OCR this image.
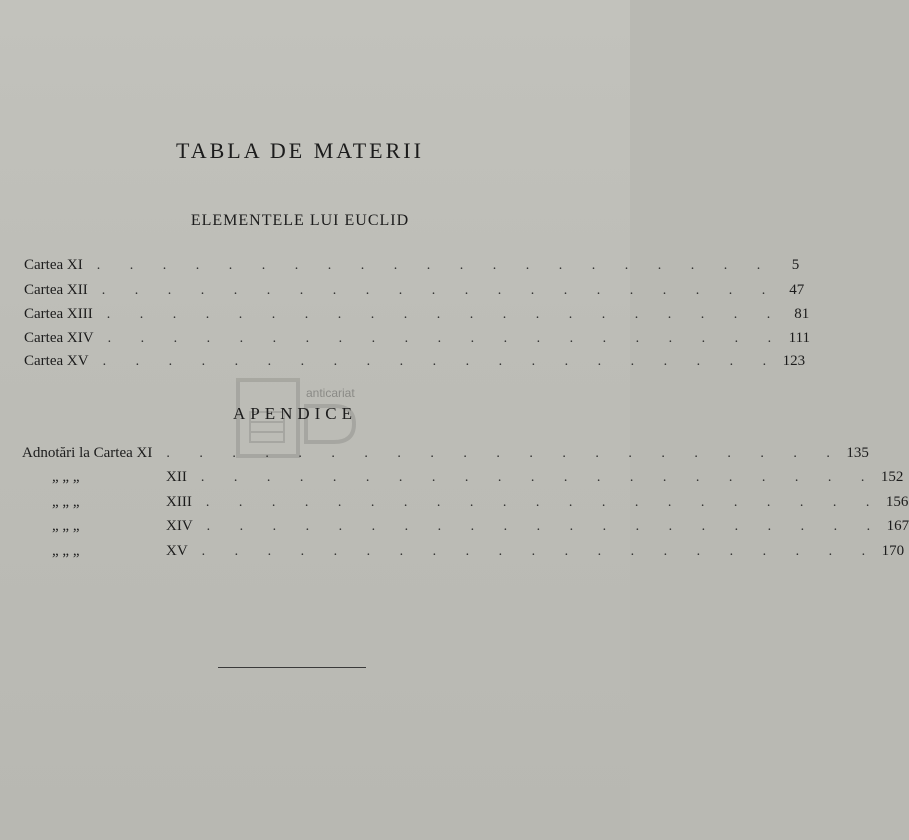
TABLA DE MATERII
ELEMENTELE LUI EUCLID
Cartea XI	. . . . . . . . . . . . . . . . . . . . .	5
Cartea XII	. . . . . . . . . . . . . . . . . . . . . 47
Cartea XIII	. . . . . . . . . . . . . . . . . . . . . 81
Cartea XIV	. . . . . . . . . . . . . . . . . . . . . 111
Cartea XV	. . . . . . . . . . . . . . . . . . . . . 123
anticariat
APENDICE
Adnotări la Cartea XI	. . . . . . . . . . . . . . . . . . . . . 135
„ „ „	XII	. . . . . . . . . . . . . . . . . . . . . 152
„ „ „	XIII	. . . . . . . . . . . . . . . . . . . . . 156
„ „ „	XIV	. . . . . . . . . . . . . . . . . . . . . 167
„ „ „	XV	. . . . . . . . . . . . . . . . . . . . . 170
